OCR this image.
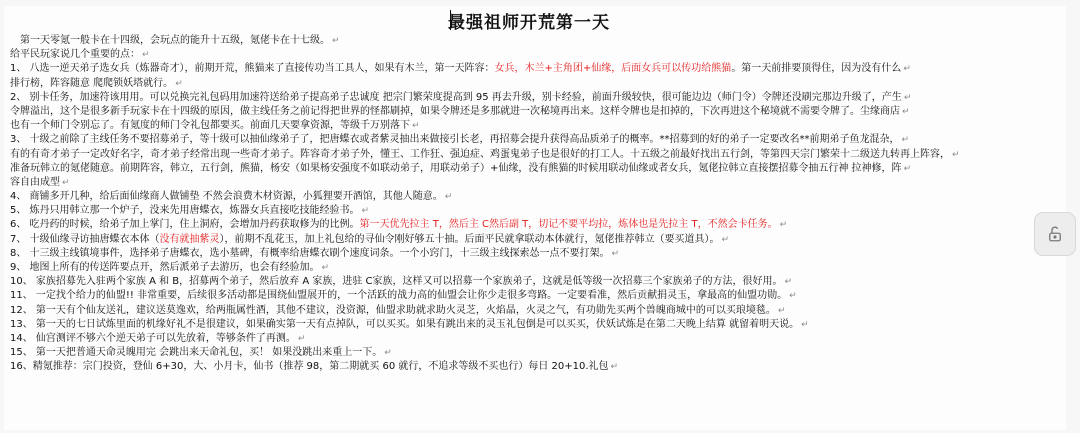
最强祖师开荒第一天
第一天零氪一般卡在十四级，会玩点的能升十五级，氪佬卡在十七级。 ↵
给平民玩家说几个重要的点： ↵
1、 八选一逆天弟子选女兵（炼器奇才），前期开荒，熊猫来了直接传功当工具人，如果有木兰，第一天阵容：女兵，木兰+主角团+仙缘，后面女兵可以传功给熊猫。第一天前排要顶得住，因为没有什么 ↵
排行榜，阵容随意 爬爬锁妖塔就行。 ↵
2、 别卡任务，加速符该用用。可以兑换完礼包码用加速符送给弟子提高弟子忠诚度 把宗门繁荣度提高到 95 再去升级，别卡经验，前面升级较快，很可能边边（师门令）令牌还没刷完那边升级了，产生 ↵
令牌溢出，这个是很多新手玩家卡在十四级的原因，做主线任务之前记得把世界的怪都刷掉，如果令牌还是多那就进一次秘境再出来。这样令牌也是扣掉的，下次再进这个秘境就不需要令牌了。尘缘商店 ↵
也有一个师门令别忘了。有氪度的师门令礼包都要买。前面几天要拿资源，等级千万别落下 ↵
3、 十级之前除了主线任务不要招募弟子，等十级可以抽仙缘弟子了，把唐蝶衣或者紫灵抽出来做接引长老，再招募会提升获得高品质弟子的概率。**招募到的好的弟子一定要改名**前期弟子鱼龙混杂， ↵
有的有奇才弟子一定改好名字，奇才弟子经常出现一些奇才弟子。阵容奇才弟子外，懂王、工作狂、强迫症、鸡蛋鬼弟子也是很好的打工人。十五级之前最好找出五行剑，等第四天宗门繁荣十二级送九转再上阵容， ↵
准备玩韩立的氪佬随意。前期阵容，韩立，五行剑，熊猫，杨安（如果杨安强度不如联动弟子，用联动弟子）+仙缘，没有熊猫的时候用联动仙缘或者女兵，氪佬拉韩立直接摆招募令抽五行神 拉神修，阵 ↵
容自由成型 ↵
4、 商铺多开几种，给后面仙缘商人做铺垫 不然会浪费木材资源，小狐狸要开酒馆，其他人随意。 ↵
5、 炼丹只用韩立那一个炉子，没来先用唐蝶衣，炼器女兵直接吃技能经验书。 ↵
6、 吃丹药的时候，给弟子加上掌门，住上洞府，会增加丹药获取修为的比例。第一天优先拉主 T，然后主 C然后副 T，切记不要平均拉，炼体也是先拉主 T，不然会卡任务。 ↵
7、 十级仙缘寻访抽唐蝶衣本体（没有就抽紫灵），前期不乱花玉，加上礼包给的寻仙令刚好够五十抽。后面平民就拿联动本体就行，氪佬推荐韩立（要买道具）。 ↵
8、 十三级主线镇境事件，选择弟子唐蝶衣，选小墓碑，有概率给唐蝶衣刷个速度词条。一个小窍门，十三级主线探索怂一点不要打架。 ↵
9、 地图上所有的传送阵要点开，然后派弟子去游历，也会有经验加。 ↵
10、 家族招募先入驻两个家族 A 和 B，招募两个弟子，然后放弃 A 家族，进驻 C家族，这样又可以招募一个家族弟子，这就是低等级一次招募三个家族弟子的方法，很好用。 ↵
11、 一定找个给力的仙盟!! 非常重要，后续很多活动都是围绕仙盟展开的，一个活跃的战力高的仙盟会让你少走很多弯路。一定要看准，然后贡献捐灵玉，拿最高的仙盟功勋。 ↵
12、 第一天有个仙友送礼，建议送莫逸欢，给两瓶属性酒，其他不建议，没资源，仙盟求助就求助火灵芝，火焰晶，火灵之气，有功勋先买两个兽魄商城中的可以买琅境毯。 ↵
13、 第一天的七日试炼里面的机缘好礼不是很建议，如果确实第一天有点掉队，可以买买。如果有跳出来的灵玉礼包倒是可以买买，伏妖试炼是在第二天晚上结算 就留着明天说。 ↵
14、 仙宫测评不够六个逆天弟子可以先放着，等够条件了再测。 ↵
15、 第一天把普通天命灵魄用完 会跳出来天命礼包，买！ 如果没跳出来重上一下。 ↵
16、精氪推荐：宗门投资，登仙 6+30，大、小月卡，仙书（推荐 98，第二期就买 60 就行，不追求等级不买也行）每日 20+10.礼包 ↵
